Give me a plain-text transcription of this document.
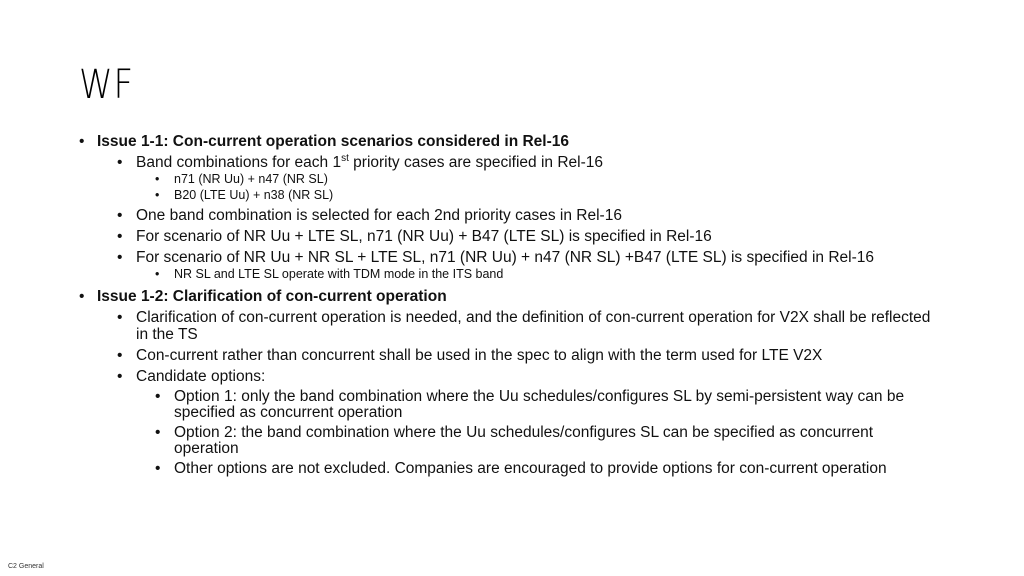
WF
• Issue 1-1: Con-current operation scenarios considered in Rel-16
• Band combinations for each 1st priority cases are specified in Rel-16
•	n71 (NR Uu) + n47 (NR SL)
•	B20 (LTE Uu) + n38 (NR SL)
• One band combination is selected for each 2nd priority cases in Rel-16
• For scenario of NR Uu + LTE SL, n71 (NR Uu) + B47 (LTE SL) is specified in Rel-16
• For scenario of NR Uu + NR SL + LTE SL, n71 (NR Uu) + n47 (NR SL) +B47 (LTE SL) is specified in Rel-16
•	NR SL and LTE SL operate with TDM mode in the ITS band
• Issue 1-2: Clarification of con-current operation
• Clarification of con-current operation is needed, and the definition of con-current operation for V2X shall be reflected in the TS
• Con-current rather than concurrent shall be used in the spec to align with the term used for LTE V2X
• Candidate options:
• Option 1: only the band combination where the Uu schedules/configures SL by semi-persistent way can be specified as concurrent operation
• Option 2: the band combination where the Uu schedules/configures SL can be specified as concurrent operation
• Other options are not excluded. Companies are encouraged to provide options for con-current operation
C2 General
